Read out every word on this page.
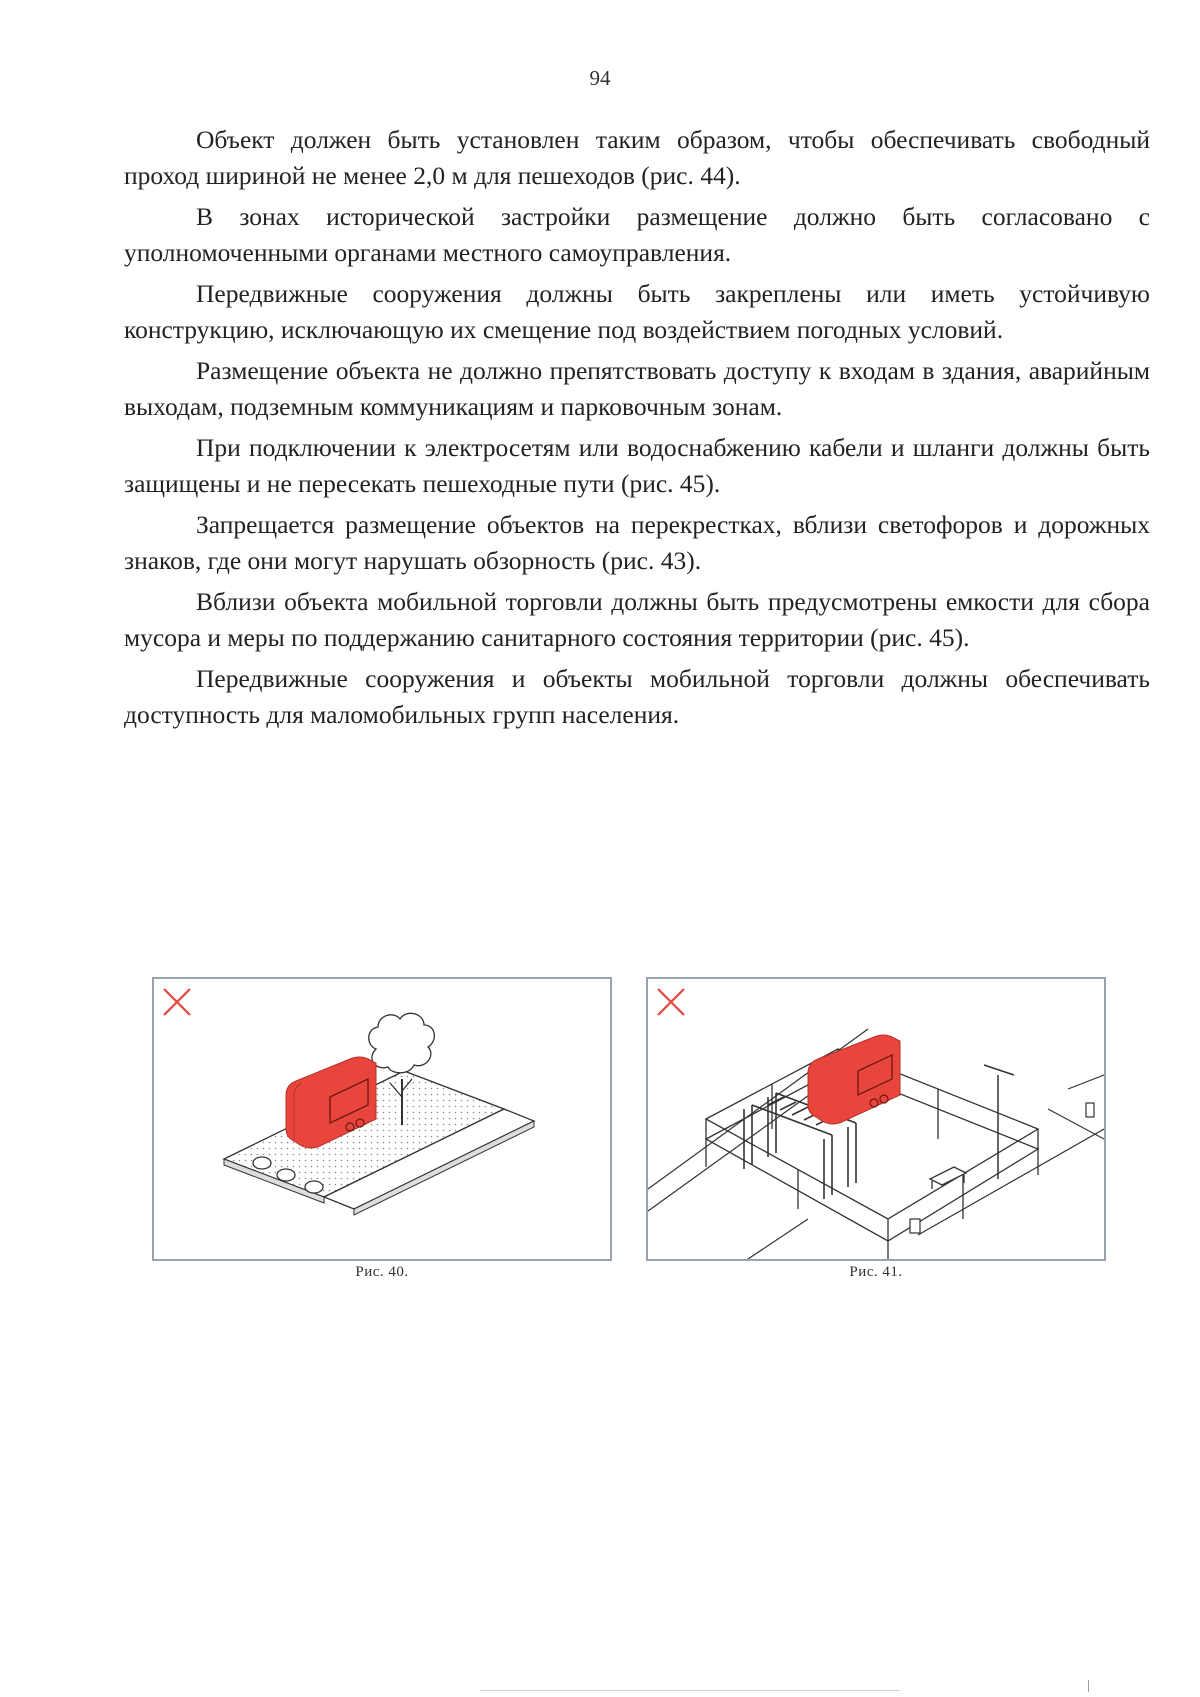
94

Объект должен быть установлен таким образом, чтобы обеспечивать свободный проход шириной не менее 2,0 м для пешеходов (рис. 44).

В зонах исторической застройки размещение должно быть согласовано с уполномоченными органами местного самоуправления.

Передвижные сооружения должны быть закреплены или иметь устойчивую конструкцию, исключающую их смещение под воздействием погодных условий.

Размещение объекта не должно препятствовать доступу к входам в здания, аварийным выходам, подземным коммуникациям и парковочным зонам.

При подключении к электросетям или водоснабжению кабели и шланги должны быть защищены и не пересекать пешеходные пути (рис. 45).

Запрещается размещение объектов на перекрестках, вблизи светофоров и дорожных знаков, где они могут нарушать обзорность (рис. 43).

Вблизи объекта мобильной торговли должны быть предусмотрены емкости для сбора мусора и меры по поддержанию санитарного состояния территории (рис. 45).

Передвижные сооружения и объекты мобильной торговли должны обеспечивать доступность для маломобильных групп населения.

Рис. 40.	Рис. 41.
